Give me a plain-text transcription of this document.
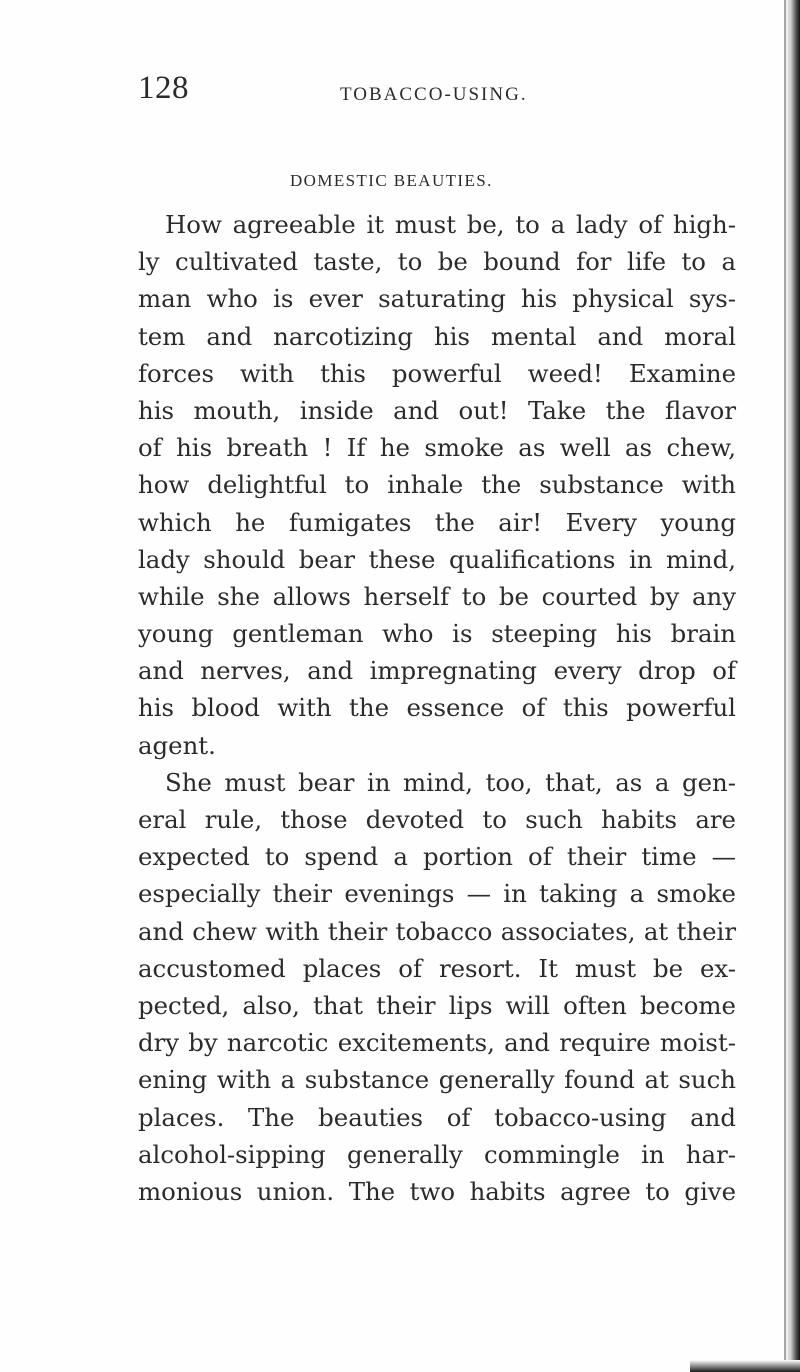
128	TOBACCO-USING.
DOMESTIC BEAUTIES.
How agreeable it must be, to a lady of high-
ly cultivated taste, to be bound for life to a
man who is ever saturating his physical sys-
tem and narcotizing his mental and moral
forces with this powerful weed! Examine
his mouth, inside and out! Take the flavor
of his breath ! If he smoke as well as chew,
how delightful to inhale the substance with
which he fumigates the air! Every young
lady should bear these qualifications in mind,
while she allows herself to be courted by any
young gentleman who is steeping his brain
and nerves, and impregnating every drop of
his blood with the essence of this powerful
agent.
She must bear in mind, too, that, as a gen-
eral rule, those devoted to such habits are
expected to spend a portion of their time —
especially their evenings — in taking a smoke
and chew with their tobacco associates, at their
accustomed places of resort. It must be ex-
pected, also, that their lips will often become
dry by narcotic excitements, and require moist-
ening with a substance generally found at such
places. The beauties of tobacco-using and
alcohol-sipping generally commingle in har-
monious union. The two habits agree to give
